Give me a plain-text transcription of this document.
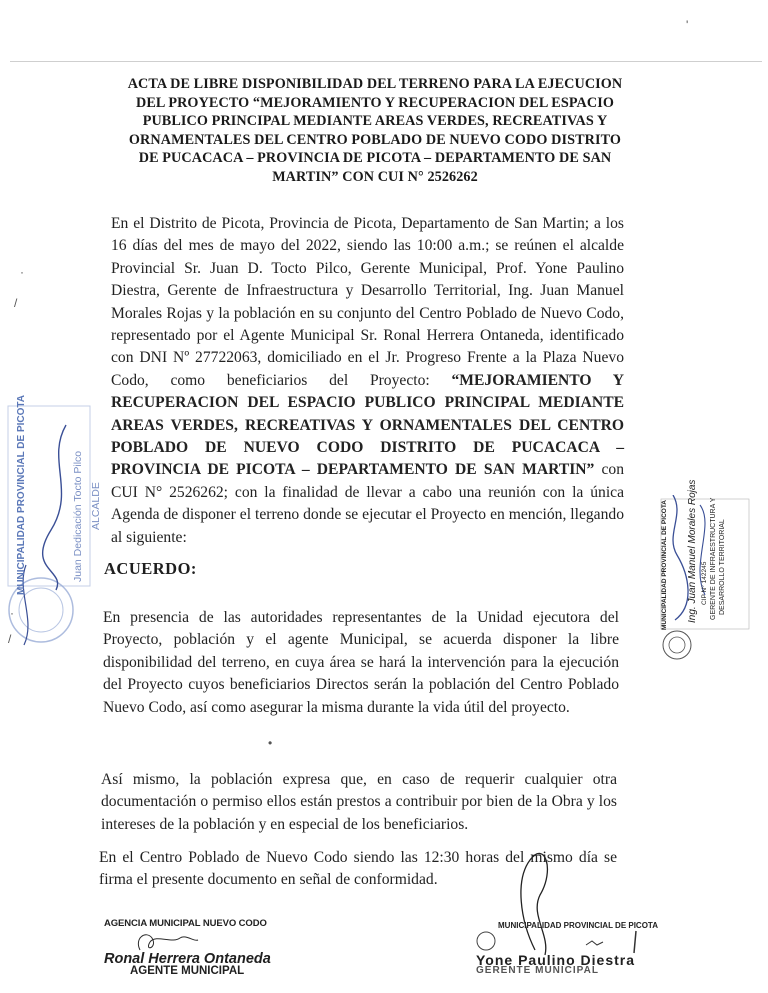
'
·
/
ACTA DE LIBRE DISPONIBILIDAD DEL TERRENO PARA LA EJECUCION
DEL PROYECTO “MEJORAMIENTO Y RECUPERACION DEL ESPACIO
PUBLICO PRINCIPAL MEDIANTE AREAS VERDES, RECREATIVAS Y
ORNAMENTALES DEL CENTRO POBLADO DE NUEVO CODO DISTRITO
DE PUCACACA – PROVINCIA DE PICOTA – DEPARTAMENTO DE SAN
MARTIN” CON CUI N° 2526262
En el Distrito de Picota, Provincia de Picota, Departamento de San Martin; a los 16 días del mes de mayo del 2022, siendo las 10:00 a.m.; se reúnen el alcalde Provincial Sr. Juan D. Tocto Pilco, Gerente Municipal, Prof. Yone Paulino Diestra, Gerente de Infraestructura y Desarrollo Territorial, Ing. Juan Manuel Morales Rojas y la población en su conjunto del Centro Poblado de Nuevo Codo, representado por el Agente Municipal Sr. Ronal Herrera Ontaneda, identificado con DNI Nº 27722063, domiciliado en el Jr. Progreso Frente a la Plaza Nuevo Codo, como beneficiarios del Proyecto: “MEJORAMIENTO Y RECUPERACION DEL ESPACIO PUBLICO PRINCIPAL MEDIANTE AREAS VERDES, RECREATIVAS Y ORNAMENTALES DEL CENTRO POBLADO DE NUEVO CODO DISTRITO DE PUCACACA – PROVINCIA DE PICOTA – DEPARTAMENTO DE SAN MARTIN” con CUI N° 2526262; con la finalidad de llevar a cabo una reunión con la única Agenda de disponer el terreno donde se ejecutar el Proyecto en mención, llegando al siguiente:
ACUERDO:
En presencia de las autoridades representantes de la Unidad ejecutora del Proyecto, población y el agente Municipal, se acuerda disponer la libre disponibilidad del terreno, en cuya área se hará la intervención para la ejecución del Proyecto cuyos beneficiarios Directos serán la población del Centro Poblado Nuevo Codo, así como asegurar la misma durante la vida útil del proyecto.
Así mismo, la población expresa que, en caso de requerir cualquier otra documentación o permiso ellos están prestos a contribuir por bien de la Obra y los intereses de la población y en especial de los beneficiarios.
En el Centro Poblado de Nuevo Codo siendo las 12:30 horas del mismo día se firma el presente documento en señal de conformidad.
MUNICIPALIDAD PROVINCIAL DE PICOTA	Juan Dedicación Tocto Pilco ALCALDE	MUNICIPALIDAD PROVINCIAL DE PICOTA Ing. Juan Manuel Morales Rojas CIP N° 142245 GERENTE DE INFRAESTRUCTURA Y DESARROLLO TERRITORIAL
AGENCIA MUNICIPAL NUEVO CODO
Ronal Herrera Ontaneda
AGENTE MUNICIPAL
MUNICIPALIDAD PROVINCIAL DE PICOTA
Yone Paulino Diestra
GERENTE MUNICIPAL
•
·
/
